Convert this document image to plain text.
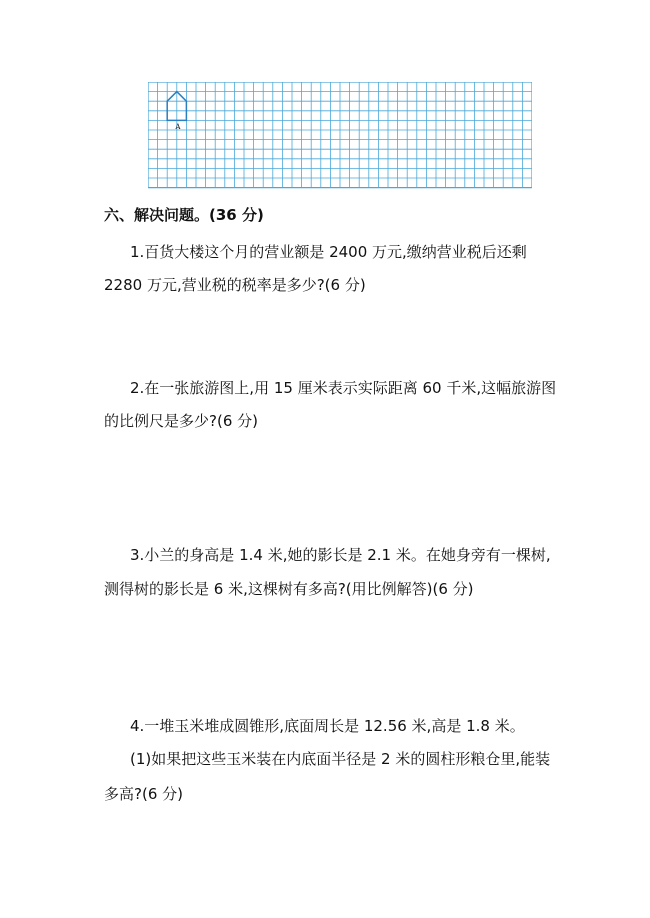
A
六、解决问题。(36 分)
1.百货大楼这个月的营业额是 2400 万元,缴纳营业税后还剩
2280 万元,营业税的税率是多少?(6 分)
2.在一张旅游图上,用 15 厘米表示实际距离 60 千米,这幅旅游图
的比例尺是多少?(6 分)
3.小兰的身高是 1.4 米,她的影长是 2.1 米。在她身旁有一棵树,
测得树的影长是 6 米,这棵树有多高?(用比例解答)(6 分)
4.一堆玉米堆成圆锥形,底面周长是 12.56 米,高是 1.8 米。
(1)如果把这些玉米装在内底面半径是 2 米的圆柱形粮仓里,能装
多高?(6 分)
